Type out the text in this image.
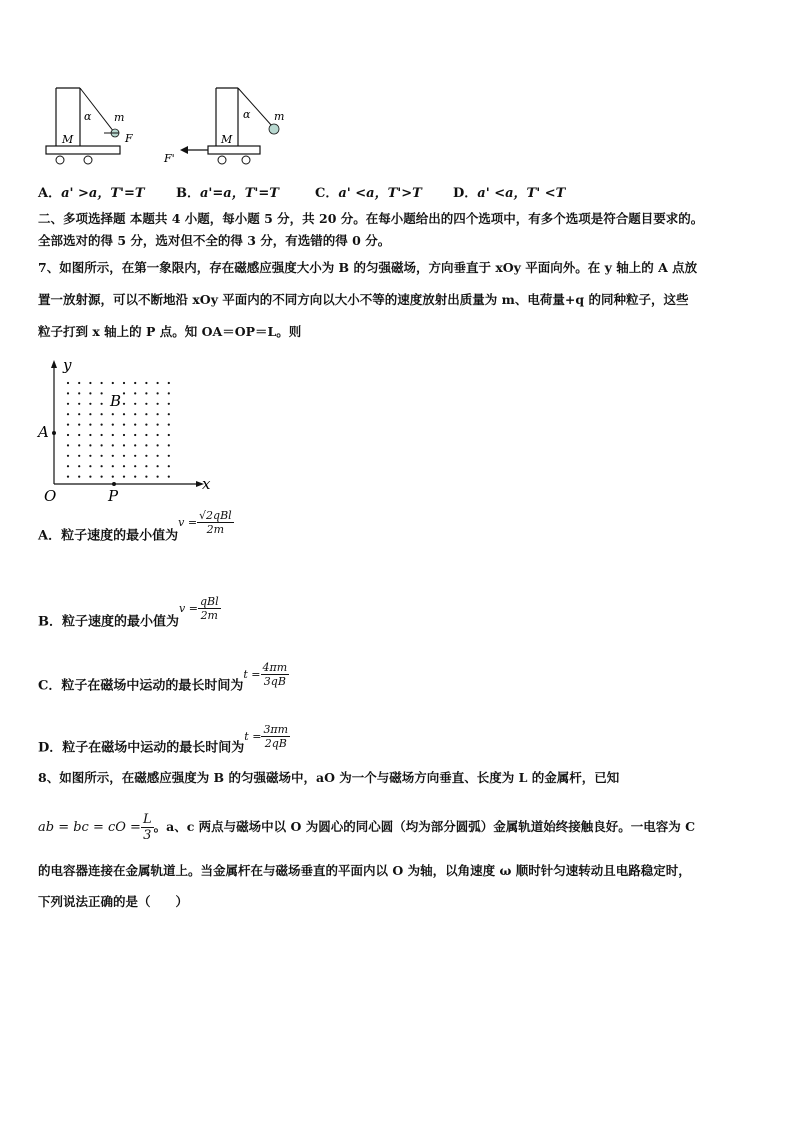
α m
M	F
α m
M
F'
A．a' >a，T'=T B．a'=a，T'=T	C．a' <a，T'>T D．a' <a，T' <T
二、多项选择题 本题共 4 小题，每小题 5 分，共 20 分。在每小题给出的四个选项中，有多个选项是符合题目要求的。
全部选对的得 5 分，选对但不全的得 3 分，有选错的得 0 分。
7、如图所示，在第一象限内，存在磁感应强度大小为 B 的匀强磁场，方向垂直于 xOy 平面向外。在 y 轴上的 A 点放
置一放射源，可以不断地沿 xOy 平面内的不同方向以大小不等的速度放射出质量为 m、电荷量+q 的同种粒子，这些
粒子打到 x 轴上的 P 点。知 OA＝OP＝L。则
y
x
O
A
P
B
A．粒子速度的最小值为
$v = \frac{\text{√2qBl}}{2m}$
B．粒子速度的最小值为
$v = \frac{\text{qBl}}{2m}$
C．粒子在磁场中运动的最长时间为
$t = \frac{4\pi m}{3qB}$
D．粒子在磁场中运动的最长时间为
$t = \frac{3\pi m}{2qB}$
8、如图所示，在磁感应强度为 B 的匀强磁场中，aO 为一个与磁场方向垂直、长度为 L 的金属杆，已知
ab = bc = cO = $\frac{L}{3}$ 。a、c 两点与磁场中以 O 为圆心的同心圆（均为部分圆弧）金属轨道始终接触良好。一电容为 C
的电容器连接在金属轨道上。当金属杆在与磁场垂直的平面内以 O 为轴，以角速度 ω 顺时针匀速转动且电路稳定时，
下列说法正确的是（　　）
